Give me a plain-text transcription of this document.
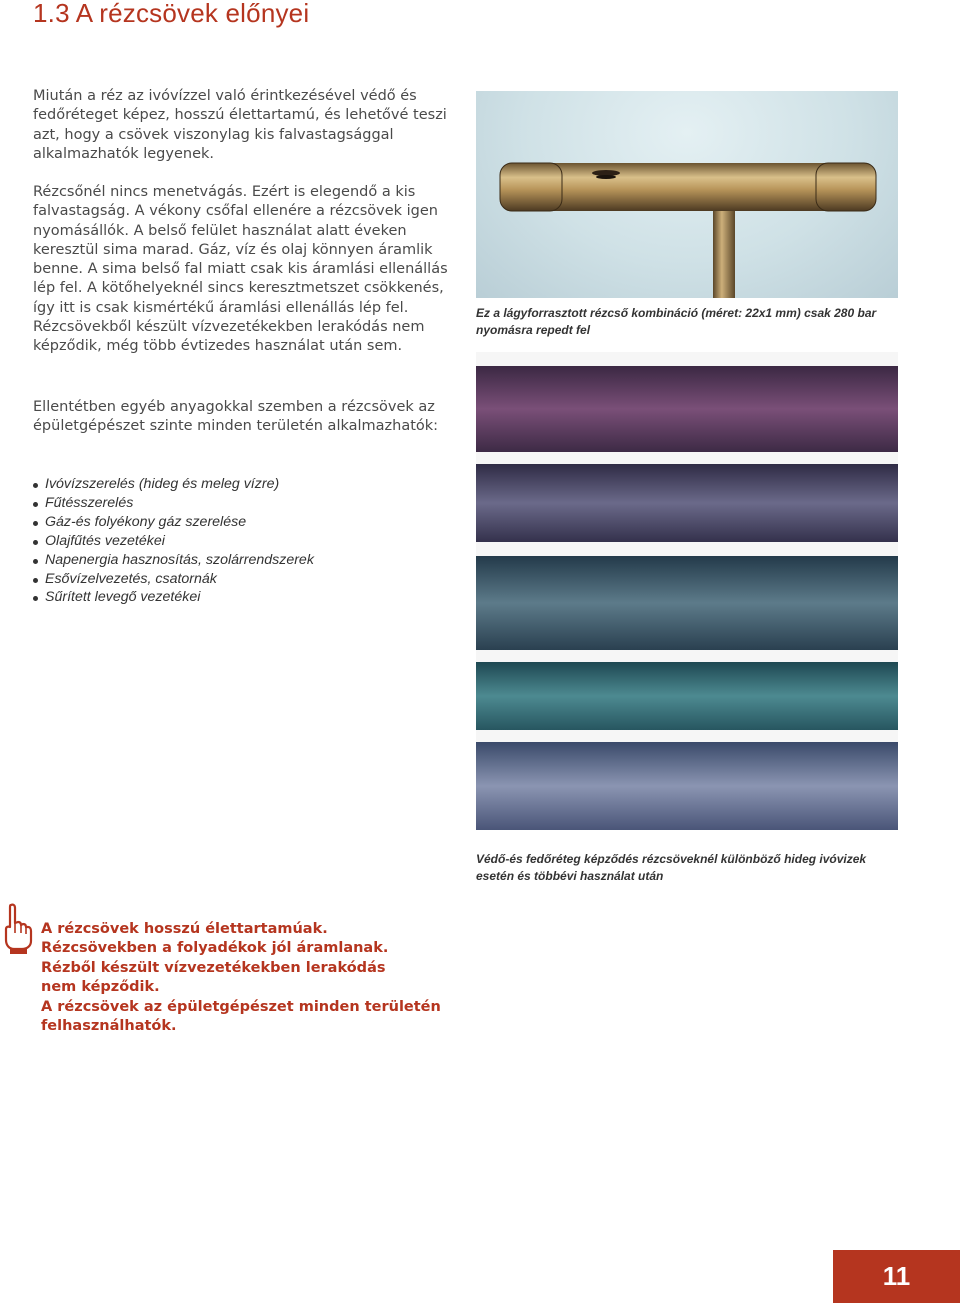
1.3 A rézcsövek előnyei

Miután a réz az ivóvízzel való érintkezésével védő és fedőréteget képez, hosszú élettartamú, és lehetővé teszi azt, hogy a csövek viszonylag kis falvastagsággal alkalmazhatók legyenek.

Rézcsőnél nincs menetvágás. Ezért is elegendő a kis falvastagság. A vékony csőfal ellenére a rézcsövek igen nyomásállók. A belső felület használat alatt éveken keresztül sima marad. Gáz, víz és olaj könnyen áramlik benne. A sima belső fal miatt csak kis áramlási ellenállás lép fel. A kötőhelyeknél sincs keresztmetszet csökkenés, így itt is csak kismértékű áramlási ellenállás lép fel. Rézcsövekből készült vízvezetékekben lerakódás nem képződik, még több évtizedes használat után sem.

Ellentétben egyéb anyagokkal szemben a rézcsövek az épületgépészet szinte minden területén alkalmazhatók:

Ivóvízszerelés (hideg és meleg vízre)
Fűtésszerelés
Gáz-és folyékony gáz szerelése
Olajfűtés vezetékei
Napenergia hasznosítás, szolárrendszerek
Esővízelvezetés, csatornák
Sűrített levegő vezetékei

Ez a lágyforrasztott rézcső kombináció (méret: 22x1 mm) csak 280 bar nyomásra repedt fel

Védő-és fedőréteg képződés rézcsöveknél különböző hideg ivóvizek esetén és többévi használat után

A rézcsövek hosszú élettartamúak.
Rézcsövekben a folyadékok jól áramlanak.
Rézből készült vízvezetékekben lerakódás
nem képződik.
A rézcsövek az épületgépészet minden területén
felhasználhatók.
11
